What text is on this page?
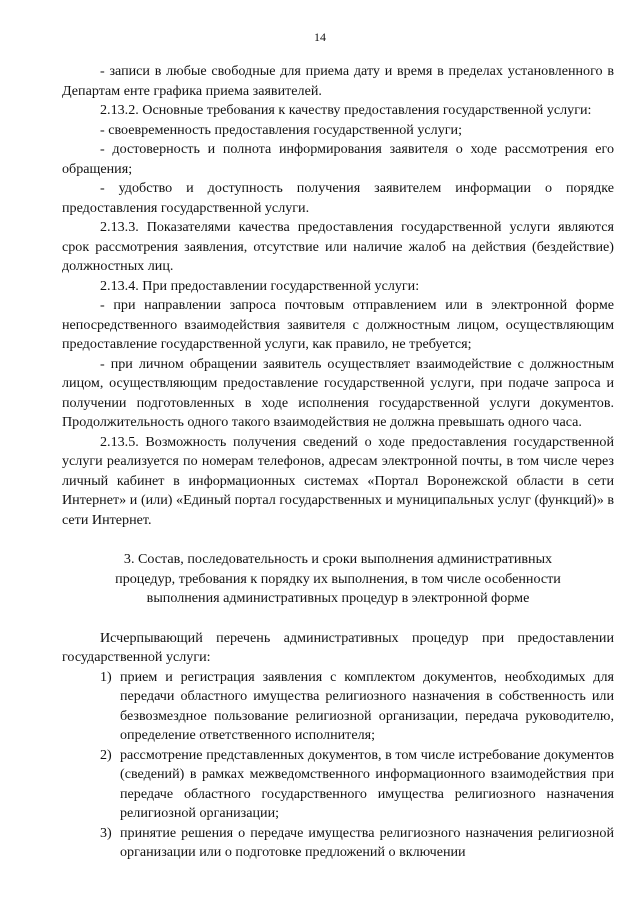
14

- записи в любые свободные для приема дату и время в пределах установленного в Департам енте графика приема заявителей.

2.13.2. Основные требования к качеству предоставления государственной услуги:

- своевременность предоставления государственной услуги;

- достоверность и полнота информирования заявителя о ходе рассмотрения его обращения;

- удобство и доступность получения заявителем информации о порядке предоставления государственной услуги.

2.13.3. Показателями качества предоставления государственной услуги являются срок рассмотрения заявления, отсутствие или наличие жалоб на действия (бездействие) должностных лиц.

2.13.4. При предоставлении государственной услуги:

- при направлении запроса почтовым отправлением или в электронной форме непосредственного взаимодействия заявителя с должностным лицом, осуществляющим предоставление государственной услуги, как правило, не требуется;

- при личном обращении заявитель осуществляет взаимодействие с должностным лицом, осуществляющим предоставление государственной услуги, при подаче запроса и получении подготовленных в ходе исполнения государственной услуги документов. Продолжительность одного такого взаимодействия не должна превышать одного часа.

2.13.5. Возможность получения сведений о ходе предоставления государственной услуги реализуется по номерам телефонов, адресам электронной почты, в том числе через личный кабинет в информационных системах «Портал Воронежской области в сети Интернет» и (или) «Единый портал государственных и муниципальных услуг (функций)» в сети Интернет.

3. Состав, последовательность и сроки выполнения административных
процедур, требования к порядку их выполнения, в том числе особенности
выполнения административных процедур в электронной форме

Исчерпывающий перечень административных процедур при предоставлении государственной услуги:

1) прием и регистрация заявления с комплектом документов, необходимых для передачи областного имущества религиозного назначения в собственность или безвозмездное пользование религиозной организации, передача руководителю, определение ответственного исполнителя;
2) рассмотрение представленных документов, в том числе истребование документов (сведений) в рамках межведомственного информационного взаимодействия при передаче областного государственного имущества религиозного назначения религиозной организации;
3) принятие решения о передаче имущества религиозного назначения религиозной организации или о подготовке предложений о включении
